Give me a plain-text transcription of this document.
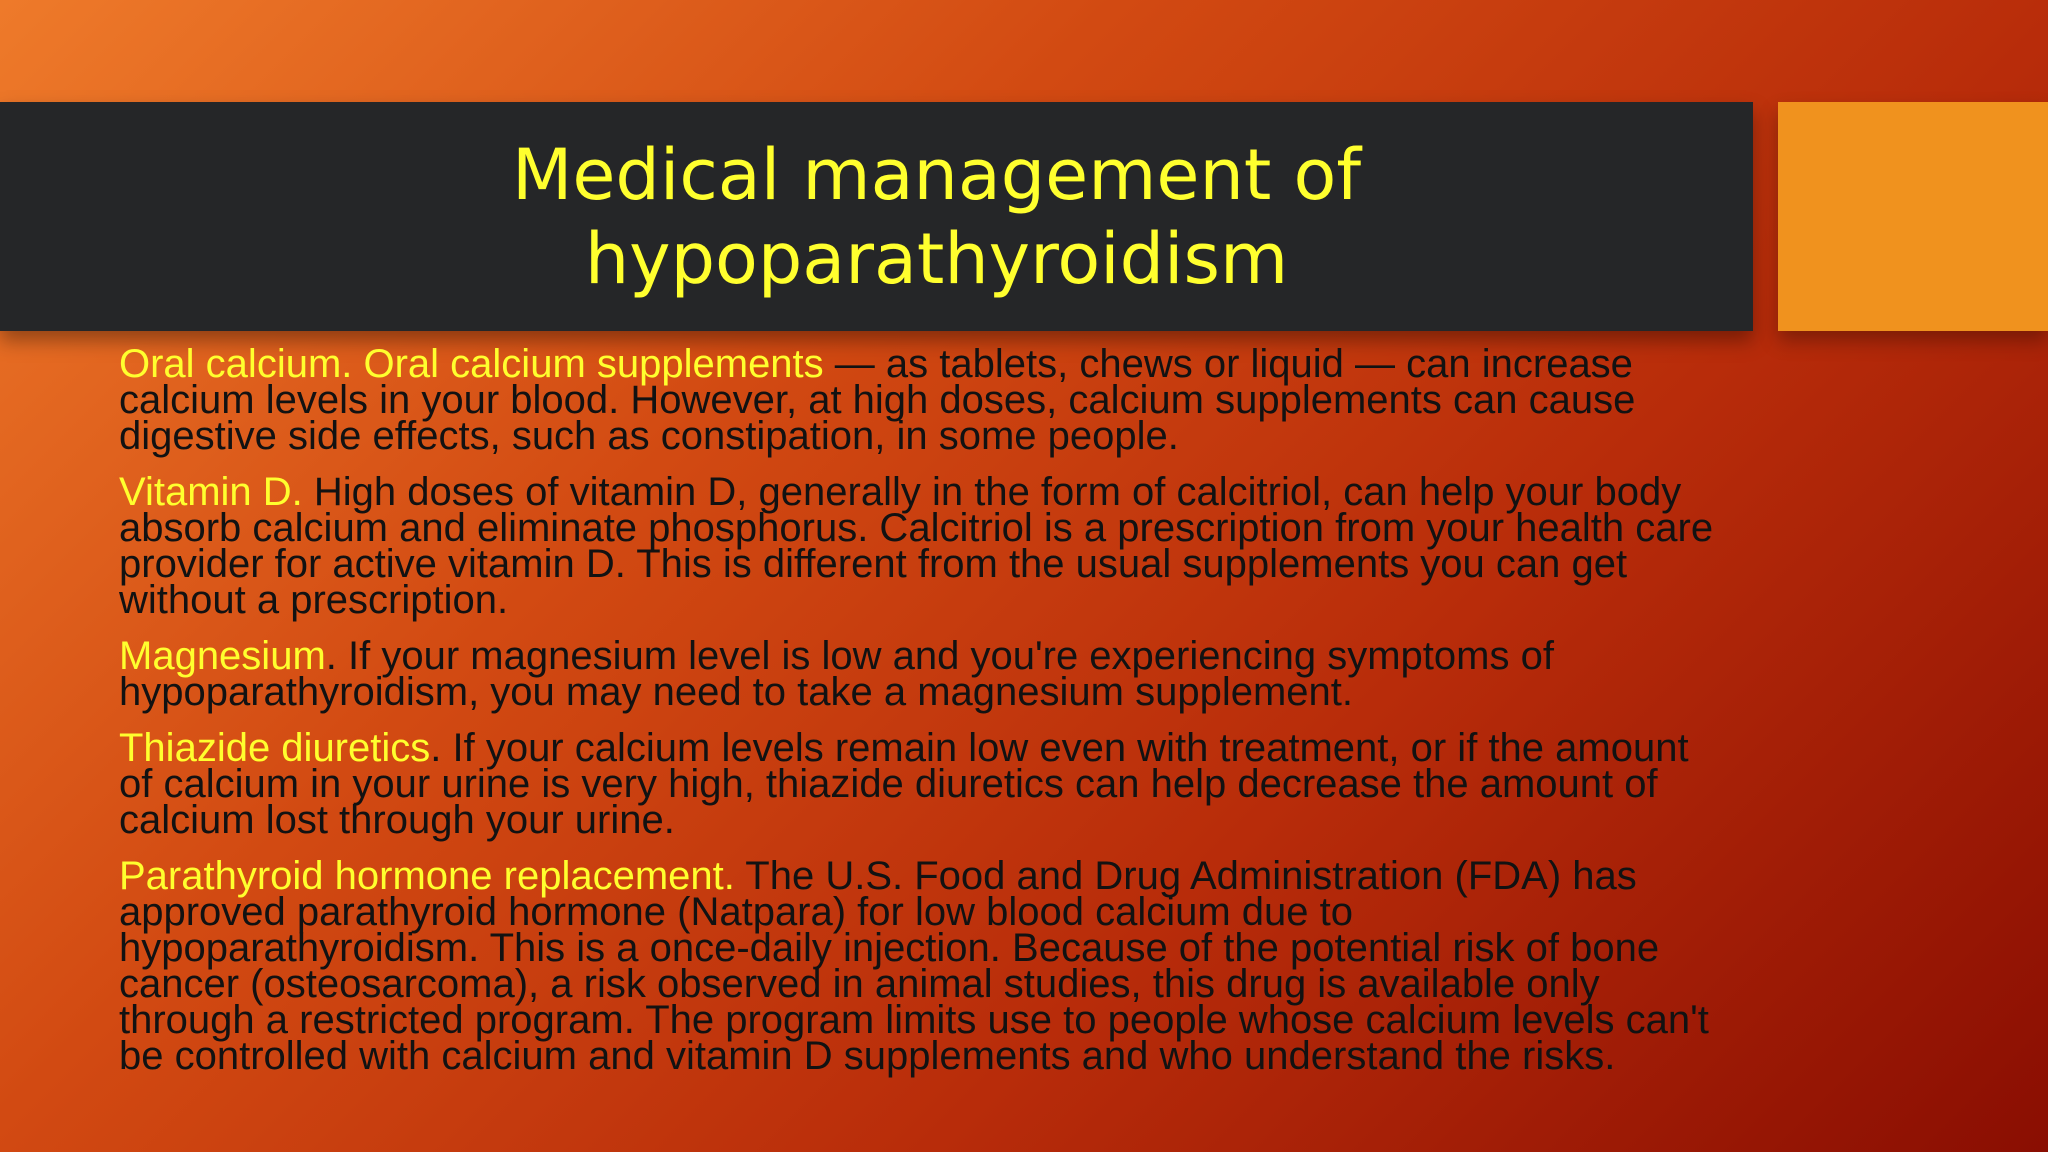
Medical management of
hypoparathyroidism

Oral calcium. Oral calcium supplements — as tablets, chews or liquid — can increase calcium levels in your blood. However, at high doses, calcium supplements can cause digestive side effects, such as constipation, in some people.

Vitamin D. High doses of vitamin D, generally in the form of calcitriol, can help your body absorb calcium and eliminate phosphorus. Calcitriol is a prescription from your health care provider for active vitamin D. This is different from the usual supplements you can get without a prescription.

Magnesium. If your magnesium level is low and you're experiencing symptoms of hypoparathyroidism, you may need to take a magnesium supplement.

Thiazide diuretics. If your calcium levels remain low even with treatment, or if the amount of calcium in your urine is very high, thiazide diuretics can help decrease the amount of calcium lost through your urine.

Parathyroid hormone replacement. The U.S. Food and Drug Administration (FDA) has approved parathyroid hormone (Natpara) for low blood calcium due to hypoparathyroidism. This is a once-daily injection. Because of the potential risk of bone cancer (osteosarcoma), a risk observed in animal studies, this drug is available only through a restricted program. The program limits use to people whose calcium levels can't be controlled with calcium and vitamin D supplements and who understand the risks.
